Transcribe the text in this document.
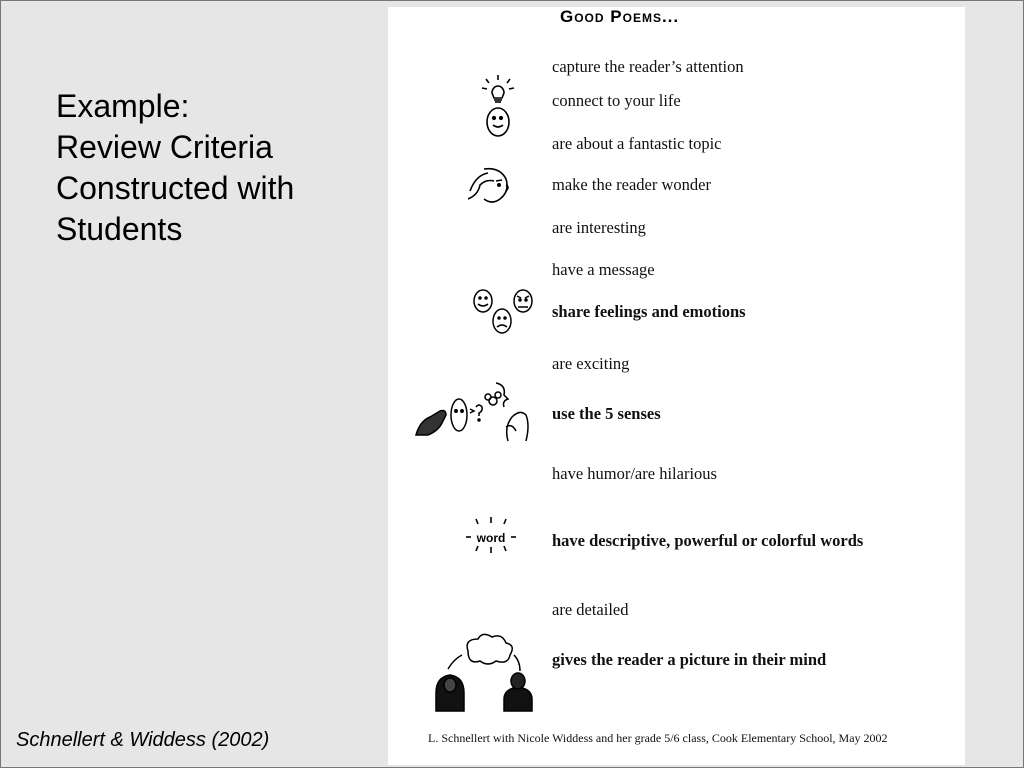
Example:
Review Criteria
Constructed with
Students
Schnellert & Widdess (2002)
Good Poems...
capture the reader’s attention
connect to your life
are about a fantastic topic
make the reader wonder
are interesting
have a message
share feelings and emotions
are exciting
use the 5 senses
have humor/are hilarious
have descriptive, powerful or colorful words
are detailed
gives the reader a picture in their mind
word
L. Schnellert with Nicole Widdess and her grade 5/6 class, Cook Elementary School, May 2002
